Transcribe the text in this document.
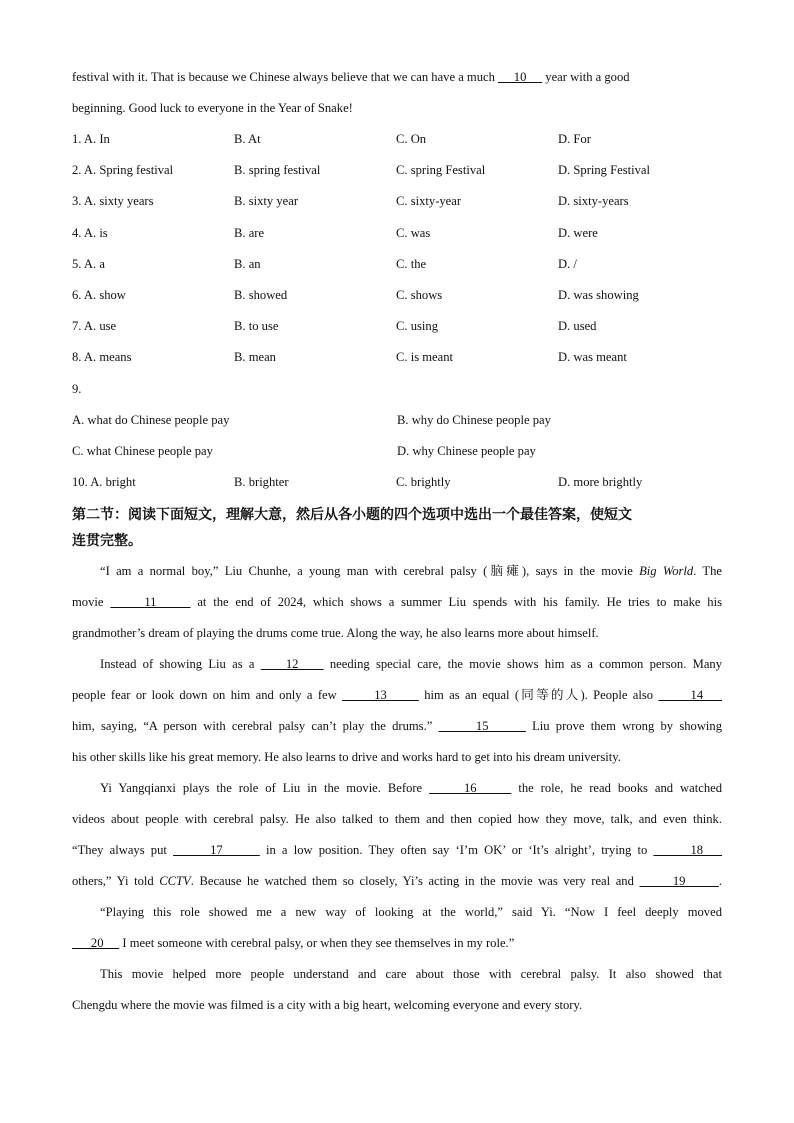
festival with it. That is because we Chinese always believe that we can have a much      10      year with a good
beginning. Good luck to everyone in the Year of Snake!
1. A. In	B. At	C. On	D. For
2. A. Spring festival	B. spring festival	C. spring Festival	D. Spring Festival
3. A. sixty years	B. sixty year	C. sixty-year	D. sixty-years
4. A. is	B. are	C. was	D. were
5. A. a	B. an	C. the	D. /
6. A. show	B. showed	C. shows	D. was showing
7. A. use	B. to use	C. using	D. used
8. A. means	B. mean	C. is meant	D. was meant
9.
A. what do Chinese people pay	B. why do Chinese people pay
C. what Chinese people pay	D. why Chinese people pay
10. A. bright	B. brighter	C. brightly	D. more brightly
第二节：阅读下面短文，理解大意，然后从各小题的四个选项中选出一个最佳答案，使短文
连贯完整。
“I am a normal boy,” Liu Chunhe, a young man with cerebral palsy (脑瘫), says in the movie Big World. The
movie      11      at the end of 2024, which shows a summer Liu spends with his family. He tries to make his
grandmother’s dream of playing the drums come true. Along the way, he also learns more about himself.
Instead of showing Liu as a     12     needing special care, the movie shows him as a common person. Many
people fear or look down on him and only a few       13       him as an equal (同等的人). People also       14
him, saying, “A person with cerebral palsy can’t play the drums.”       15       Liu prove them wrong by showing
his other skills like his great memory. He also learns to drive and works hard to get into his dream university.
Yi Yangqianxi plays the role of Liu in the movie. Before      16      the role, he read books and watched
videos about people with cerebral palsy. He also talked to them and then copied how they move, talk, and even think.
“They always put       17       in a low position. They often say ‘I’m OK’ or ‘It’s alright’, trying to       18
others,” Yi told CCTV. Because he watched them so closely, Yi’s acting in the movie was very real and       19      .
“Playing this role showed me a new way of looking at the world,” said Yi. “Now I feel deeply moved
20      I meet someone with cerebral palsy, or when they see themselves in my role.”
This movie helped more people understand and care about those with cerebral palsy. It also showed that
Chengdu where the movie was filmed is a city with a big heart, welcoming everyone and every story.
